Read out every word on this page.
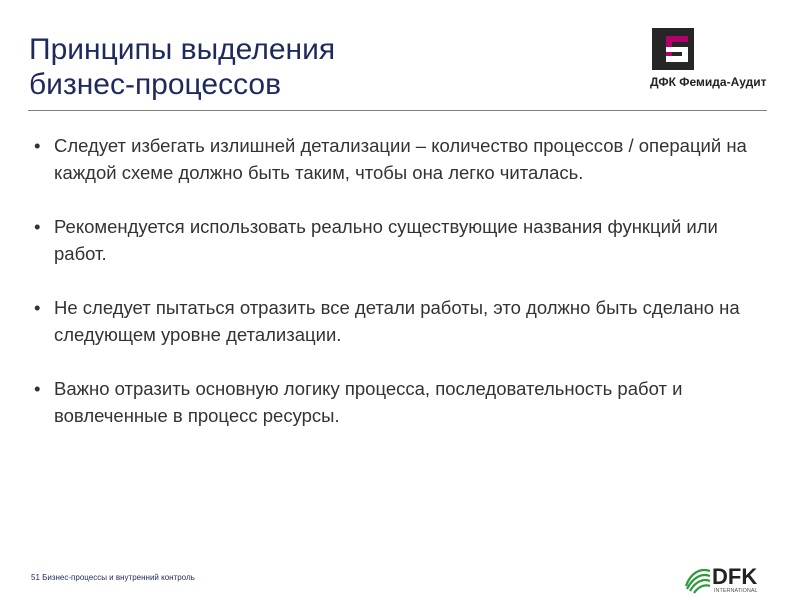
Принципы выделения
бизнес-процессов	ДФК Фемида-Аудит
• Следует избегать излишней детализации – количество процессов / операций на каждой схеме должно быть таким, чтобы она легко читалась.
• Рекомендуется использовать реально существующие названия функций или работ.
• Не следует пытаться отразить все детали работы, это должно быть сделано на следующем уровне детализации.
• Важно отразить основную логику процесса, последовательность работ и вовлеченные в процесс ресурсы.
51 Бизнес-процессы и внутренний контроль	DFK
INTERNATIONAL
